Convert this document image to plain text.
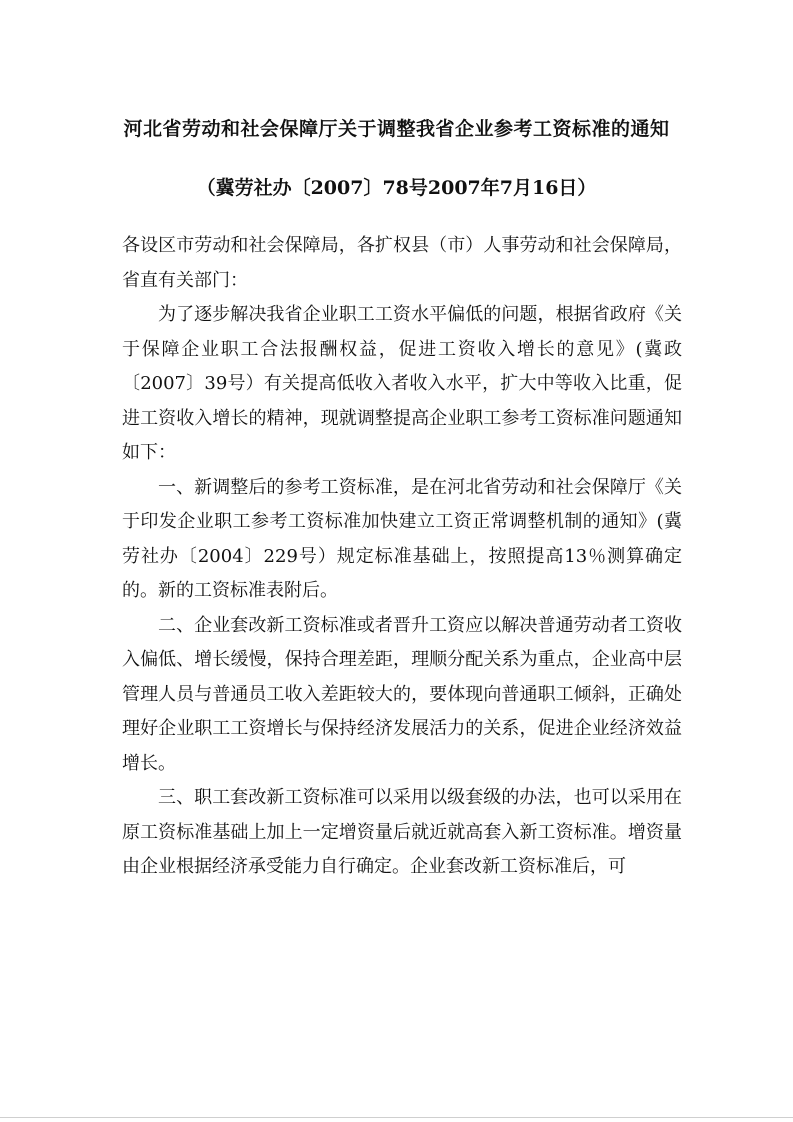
河北省劳动和社会保障厅关于调整我省企业参考工资标准的通知
（冀劳社办〔2007〕78号2007年7月16日）

各设区市劳动和社会保障局，各扩权县（市）人事劳动和社会保障局，省直有关部门：

为了逐步解决我省企业职工工资水平偏低的问题，根据省政府《关于保障企业职工合法报酬权益，促进工资收入增长的意见》(冀政〔2007〕39号）有关提高低收入者收入水平，扩大中等收入比重，促进工资收入增长的精神，现就调整提高企业职工参考工资标准问题通知如下：

一、新调整后的参考工资标准，是在河北省劳动和社会保障厅《关于印发企业职工参考工资标准加快建立工资正常调整机制的通知》(冀劳社办〔2004〕229号）规定标准基础上，按照提高13％测算确定的。新的工资标准表附后。

二、企业套改新工资标准或者晋升工资应以解决普通劳动者工资收入偏低、增长缓慢，保持合理差距，理顺分配关系为重点，企业高中层管理人员与普通员工收入差距较大的，要体现向普通职工倾斜，正确处理好企业职工工资增长与保持经济发展活力的关系，促进企业经济效益增长。

三、职工套改新工资标准可以采用以级套级的办法，也可以采用在原工资标准基础上加上一定增资量后就近就高套入新工资标准。增资量由企业根据经济承受能力自行确定。企业套改新工资标准后，可
